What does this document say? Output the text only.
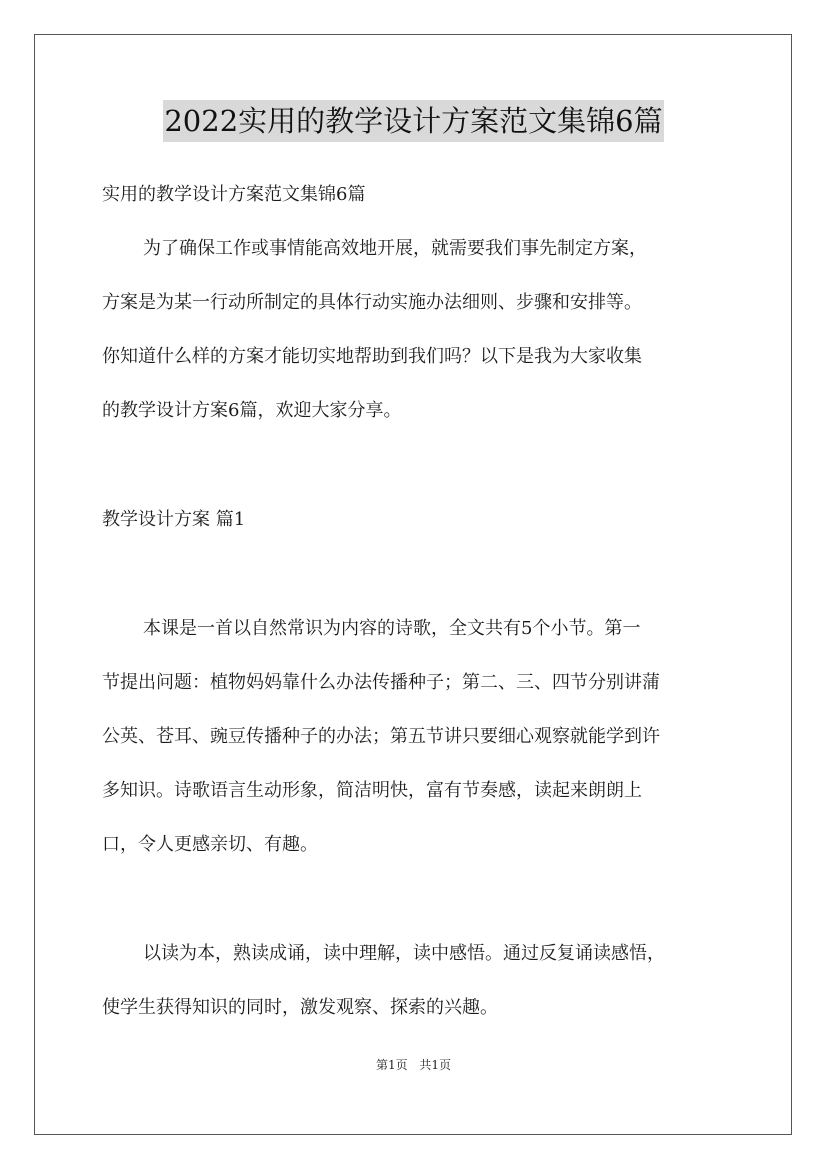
2022实用的教学设计方案范文集锦6篇
实用的教学设计方案范文集锦6篇
为了确保工作或事情能高效地开展，就需要我们事先制定方案，
方案是为某一行动所制定的具体行动实施办法细则、步骤和安排等。
你知道什么样的方案才能切实地帮助到我们吗？以下是我为大家收集
的教学设计方案6篇，欢迎大家分享。
教学设计方案 篇1
本课是一首以自然常识为内容的诗歌，全文共有5个小节。第一
节提出问题：植物妈妈靠什么办法传播种子；第二、三、四节分别讲蒲
公英、苍耳、豌豆传播种子的办法；第五节讲只要细心观察就能学到许
多知识。诗歌语言生动形象，简洁明快，富有节奏感，读起来朗朗上
口，令人更感亲切、有趣。
以读为本，熟读成诵，读中理解，读中感悟。通过反复诵读感悟，
使学生获得知识的同时，激发观察、探索的兴趣。
第1页 共1页
